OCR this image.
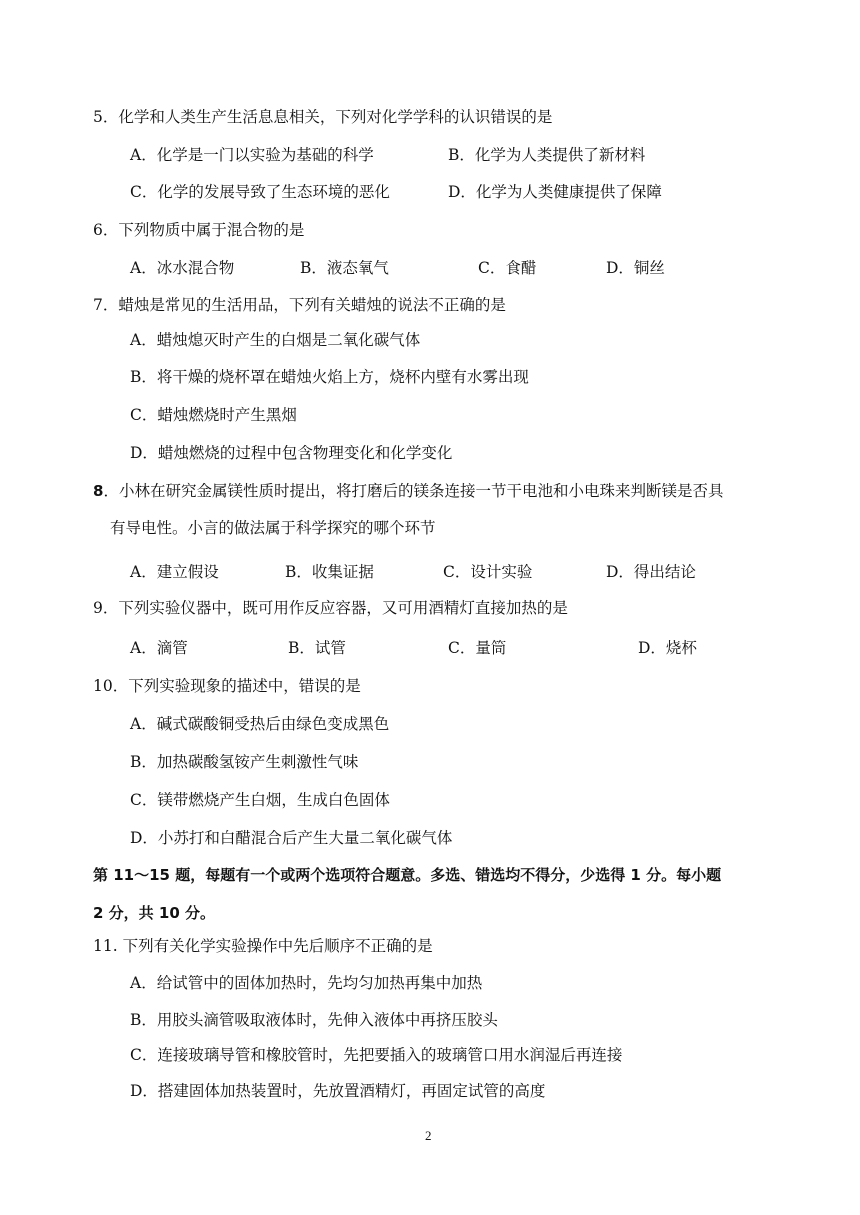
5．化学和人类生产生活息息相关，下列对化学学科的认识错误的是
A．化学是一门以实验为基础的科学	B．化学为人类提供了新材料
C．化学的发展导致了生态环境的恶化	D．化学为人类健康提供了保障
6．下列物质中属于混合物的是
A．冰水混合物	B．液态氧气	C．食醋	D．铜丝
7．蜡烛是常见的生活用品，下列有关蜡烛的说法不正确的是
A．蜡烛熄灭时产生的白烟是二氧化碳气体
B．将干燥的烧杯罩在蜡烛火焰上方，烧杯内壁有水雾出现
C．蜡烛燃烧时产生黑烟
D．蜡烛燃烧的过程中包含物理变化和化学变化
8．小林在研究金属镁性质时提出，将打磨后的镁条连接一节干电池和小电珠来判断镁是否具
有导电性。小言的做法属于科学探究的哪个环节
A．建立假设	B．收集证据	C．设计实验	D．得出结论
9．下列实验仪器中，既可用作反应容器，又可用酒精灯直接加热的是
A．滴管	B．试管	C．量筒	D．烧杯
10．下列实验现象的描述中，错误的是
A．碱式碳酸铜受热后由绿色变成黑色
B．加热碳酸氢铵产生刺激性气味
C．镁带燃烧产生白烟，生成白色固体
D．小苏打和白醋混合后产生大量二氧化碳气体
第 11～15 题，每题有一个或两个选项符合题意。多选、错选均不得分，少选得 1 分。每小题
2 分，共 10 分。
11. 下列有关化学实验操作中先后顺序不正确的是
A．给试管中的固体加热时，先均匀加热再集中加热
B．用胶头滴管吸取液体时，先伸入液体中再挤压胶头
C．连接玻璃导管和橡胶管时，先把要插入的玻璃管口用水润湿后再连接
D．搭建固体加热装置时，先放置酒精灯，再固定试管的高度
2
